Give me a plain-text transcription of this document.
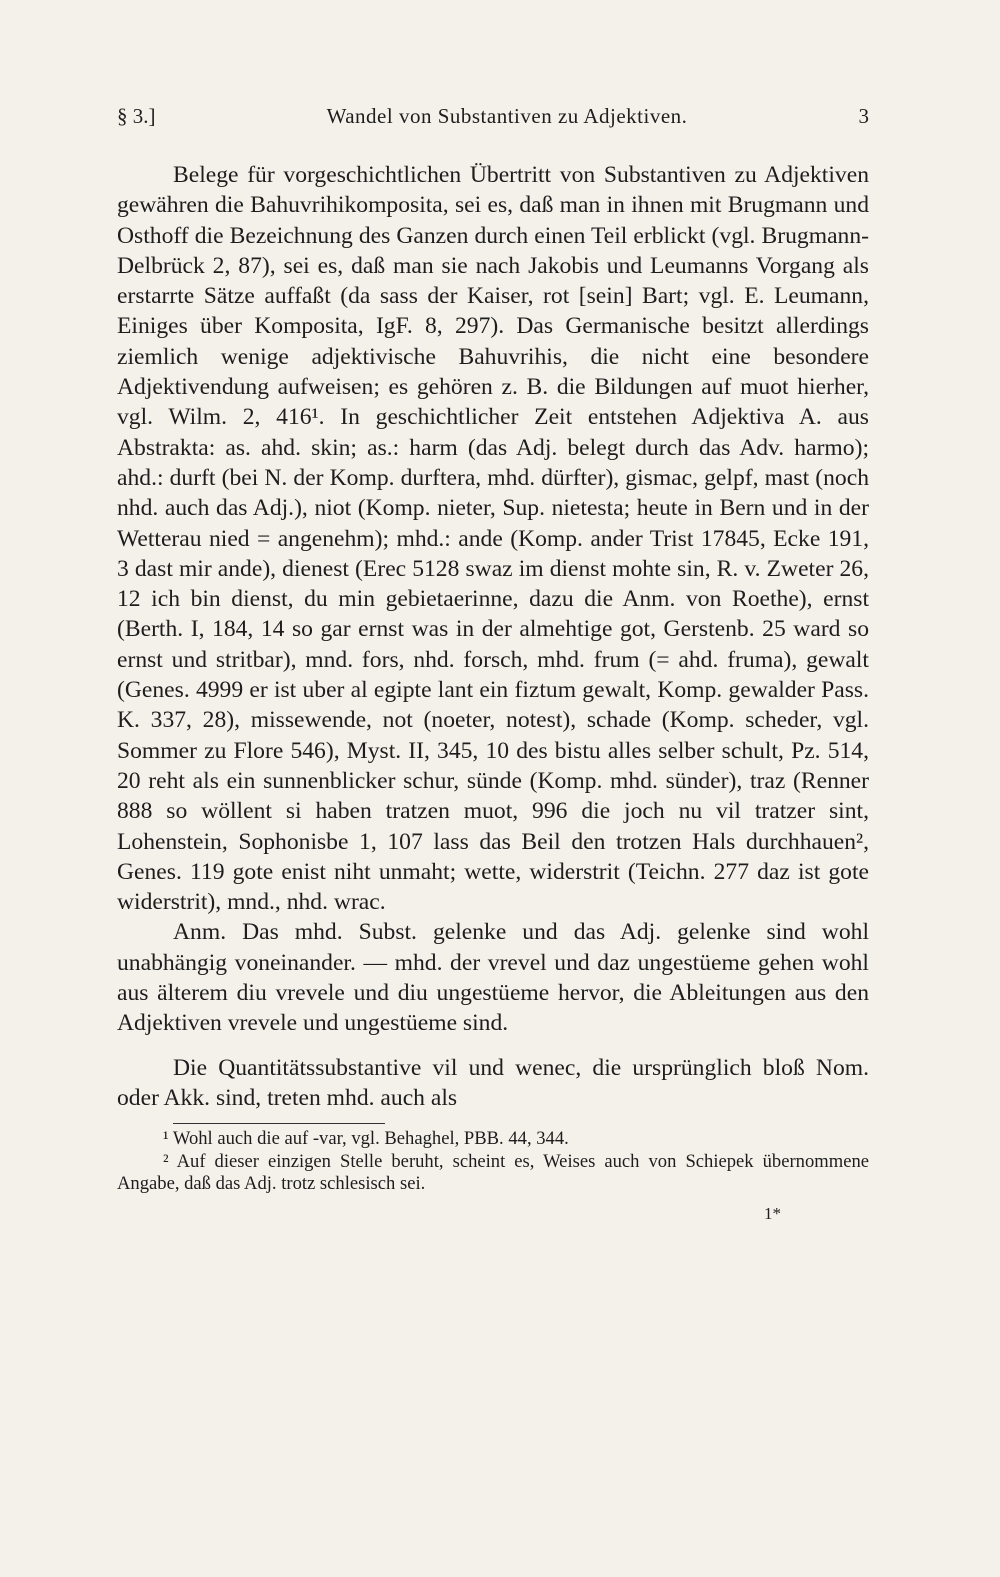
§ 3.]	Wandel von Substantiven zu Adjektiven.	3

Belege für vorgeschichtlichen Übertritt von Substantiven zu Adjektiven gewähren die Bahuvrihikomposita, sei es, daß man in ihnen mit Brugmann und Osthoff die Bezeichnung des Ganzen durch einen Teil erblickt (vgl. Brugmann-Delbrück 2, 87), sei es, daß man sie nach Jakobis und Leumanns Vorgang als erstarrte Sätze auffaßt (da sass der Kaiser, rot [sein] Bart; vgl. E. Leumann, Einiges über Komposita, IgF. 8, 297). Das Germanische besitzt allerdings ziemlich wenige adjektivische Bahuvrihis, die nicht eine besondere Adjektivendung aufweisen; es gehören z. B. die Bildungen auf muot hierher, vgl. Wilm. 2, 416¹. In geschichtlicher Zeit entstehen Adjektiva A. aus Abstrakta: as. ahd. skin; as.: harm (das Adj. belegt durch das Adv. harmo); ahd.: durft (bei N. der Komp. durftera, mhd. dürfter), gismac, gelpf, mast (noch nhd. auch das Adj.), niot (Komp. nieter, Sup. nietesta; heute in Bern und in der Wetterau nied = angenehm); mhd.: ande (Komp. ander Trist 17845, Ecke 191, 3 dast mir ande), dienest (Erec 5128 swaz im dienst mohte sin, R. v. Zweter 26, 12 ich bin dienst, du min gebietaerinne, dazu die Anm. von Roethe), ernst (Berth. I, 184, 14 so gar ernst was in der almehtige got, Gerstenb. 25 ward so ernst und stritbar), mnd. fors, nhd. forsch, mhd. frum (= ahd. fruma), gewalt (Genes. 4999 er ist uber al egipte lant ein fiztum gewalt, Komp. gewalder Pass. K. 337, 28), missewende, not (noeter, notest), schade (Komp. scheder, vgl. Sommer zu Flore 546), Myst. II, 345, 10 des bistu alles selber schult, Pz. 514, 20 reht als ein sunnenblicker schur, sünde (Komp. mhd. sünder), traz (Renner 888 so wöllent si haben tratzen muot, 996 die joch nu vil tratzer sint, Lohenstein, Sophonisbe 1, 107 lass das Beil den trotzen Hals durchhauen², Genes. 119 gote enist niht unmaht; wette, widerstrit (Teichn. 277 daz ist gote widerstrit), mnd., nhd. wrac.

Anm. Das mhd. Subst. gelenke und das Adj. gelenke sind wohl unabhängig voneinander. — mhd. der vrevel und daz ungestüeme gehen wohl aus älterem diu vrevele und diu ungestüeme hervor, die Ableitungen aus den Adjektiven vrevele und ungestüeme sind.

Die Quantitätssubstantive vil und wenec, die ursprünglich bloß Nom. oder Akk. sind, treten mhd. auch als

¹ Wohl auch die auf -var, vgl. Behaghel, PBB. 44, 344.
² Auf dieser einzigen Stelle beruht, scheint es, Weises auch von Schiepek übernommene Angabe, daß das Adj. trotz schlesisch sei.
1*
